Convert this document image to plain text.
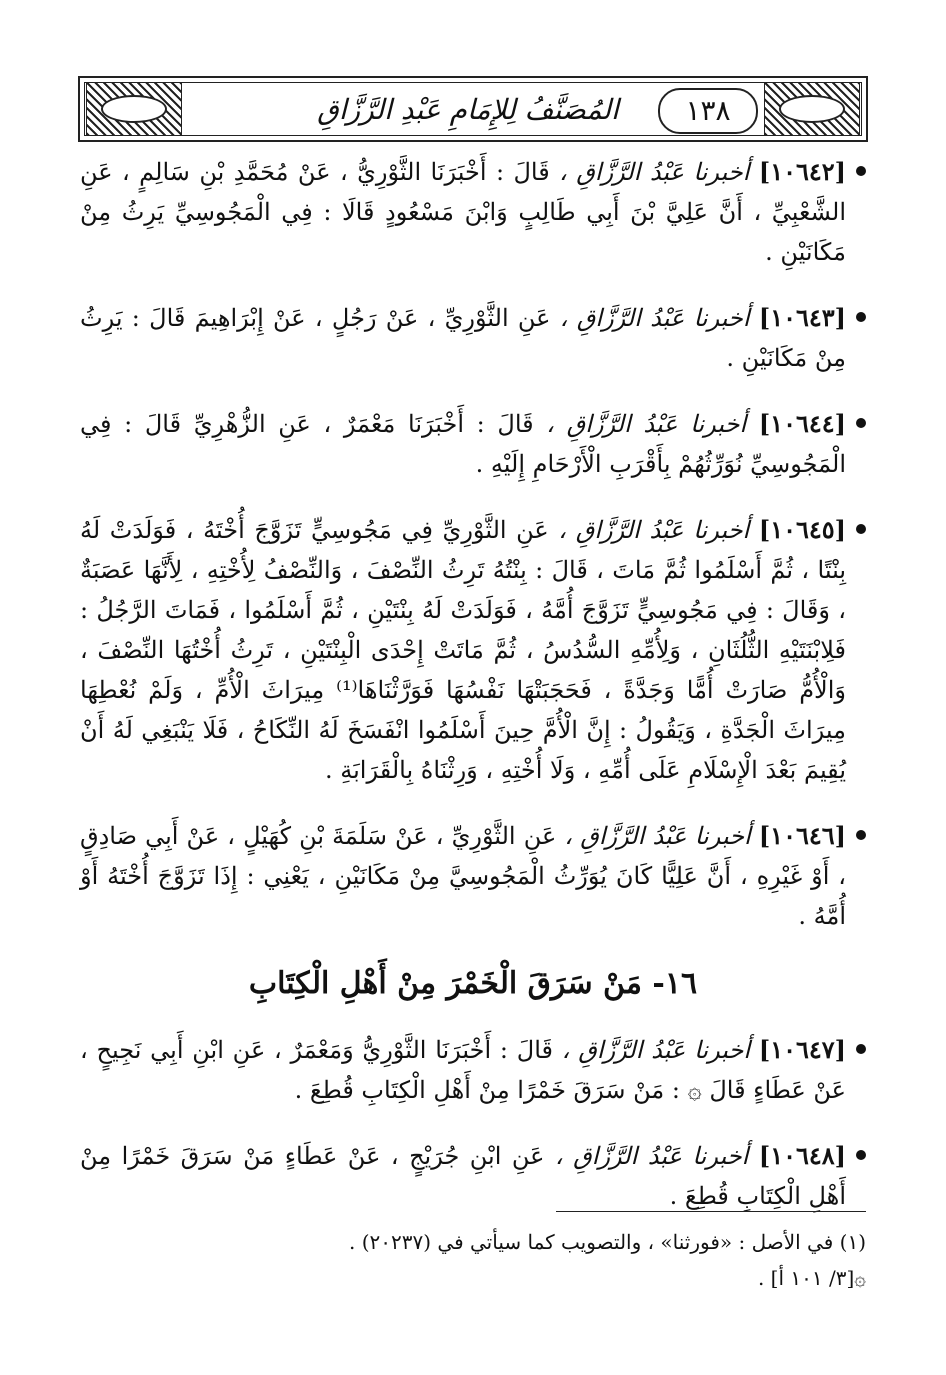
١٣٨
المُصَنَّفُ لِلإِمَامِ عَبْدِ الرَّزَّاقِ

[١٠٦٤٢] أخبرنا عَبْدُ الرَّزَّاقِ ، قَالَ : أَخْبَرَنَا الثَّوْرِيُّ ، عَنْ مُحَمَّدِ بْنِ سَالِمٍ ، عَنِ الشَّعْبِيِّ ، أَنَّ عَلِيَّ بْنَ أَبِي طَالِبٍ وَابْنَ مَسْعُودٍ قَالَا : فِي الْمَجُوسِيِّ يَرِثُ مِنْ مَكَانَيْنِ .

[١٠٦٤٣] أخبرنا عَبْدُ الرَّزَّاقِ ، عَنِ الثَّوْرِيِّ ، عَنْ رَجُلٍ ، عَنْ إِبْرَاهِيمَ قَالَ : يَرِثُ مِنْ مَكَانَيْنِ .

[١٠٦٤٤] أخبرنا عَبْدُ الرَّزَّاقِ ، قَالَ : أَخْبَرَنَا مَعْمَرٌ ، عَنِ الزُّهْرِيِّ قَالَ : فِي الْمَجُوسِيِّ نُوَرِّثُهُمْ بِأَقْرَبِ الْأَرْحَامِ إِلَيْهِ .

[١٠٦٤٥] أخبرنا عَبْدُ الرَّزَّاقِ ، عَنِ الثَّوْرِيِّ فِي مَجُوسِيٍّ تَزَوَّجَ أُخْتَهُ ، فَوَلَدَتْ لَهُ بِنْتًا ، ثُمَّ أَسْلَمُوا ثُمَّ مَاتَ ، قَالَ : بِنْتُهُ تَرِثُ النِّصْفَ ، وَالنِّصْفُ لِأُخْتِهِ ، لِأَنَّهَا عَصَبَةٌ ، وَقَالَ : فِي مَجُوسِيٍّ تَزَوَّجَ أُمَّهُ ، فَوَلَدَتْ لَهُ بِنْتَيْنِ ، ثُمَّ أَسْلَمُوا ، فَمَاتَ الرَّجُلُ : فَلِابْنَتَيْهِ الثُّلُثَانِ ، وَلِأُمِّهِ السُّدُسُ ، ثُمَّ مَاتَتْ إِحْدَى الْبِنْتَيْنِ ، تَرِثُ أُخْتُهَا النِّصْفَ ، وَالْأُمُّ صَارَتْ أُمًّا وَجَدَّةً ، فَحَجَبَتْهَا نَفْسُهَا فَوَرَّثْنَاهَا⁽¹⁾ مِيرَاثَ الْأُمِّ ، وَلَمْ نُعْطِهَا مِيرَاثَ الْجَدَّةِ ، وَيَقُولُ : إِنَّ الْأُمَّ حِينَ أَسْلَمُوا انْفَسَخَ لَهُ النِّكَاحُ ، فَلَا يَنْبَغِي لَهُ أَنْ يُقِيمَ بَعْدَ الْإِسْلَامِ عَلَى أُمِّهِ ، وَلَا أُخْتِهِ ، وَرِثْنَاهُ بِالْقَرَابَةِ .

[١٠٦٤٦] أخبرنا عَبْدُ الرَّزَّاقِ ، عَنِ الثَّوْرِيِّ ، عَنْ سَلَمَةَ بْنِ كُهَيْلٍ ، عَنْ أَبِي صَادِقٍ ، أَوْ غَيْرِهِ ، أَنَّ عَلِيًّا كَانَ يُوَرِّثُ الْمَجُوسِيَّ مِنْ مَكَانَيْنِ ، يَعْنِي : إِذَا تَزَوَّجَ أُخْتَهُ أَوْ أُمَّهُ .

١٦- مَنْ سَرَقَ الْخَمْرَ مِنْ أَهْلِ الْكِتَابِ

[١٠٦٤٧] أخبرنا عَبْدُ الرَّزَّاقِ ، قَالَ : أَخْبَرَنَا الثَّوْرِيُّ وَمَعْمَرٌ ، عَنِ ابْنِ أَبِي نَجِيحٍ ، عَنْ عَطَاءٍ قَالَ ۞ : مَنْ سَرَقَ خَمْرًا مِنْ أَهْلِ الْكِتَابِ قُطِعَ .

[١٠٦٤٨] أخبرنا عَبْدُ الرَّزَّاقِ ، عَنِ ابْنِ جُرَيْجٍ ، عَنْ عَطَاءٍ مَنْ سَرَقَ خَمْرًا مِنْ أَهْلِ الْكِتَابِ قُطِعَ .

(١) في الأصل : «فورثنا» ، والتصويب كما سيأتي في (٢٠٢٣٧) .
۞[٣/ ١٠١ أ] .
